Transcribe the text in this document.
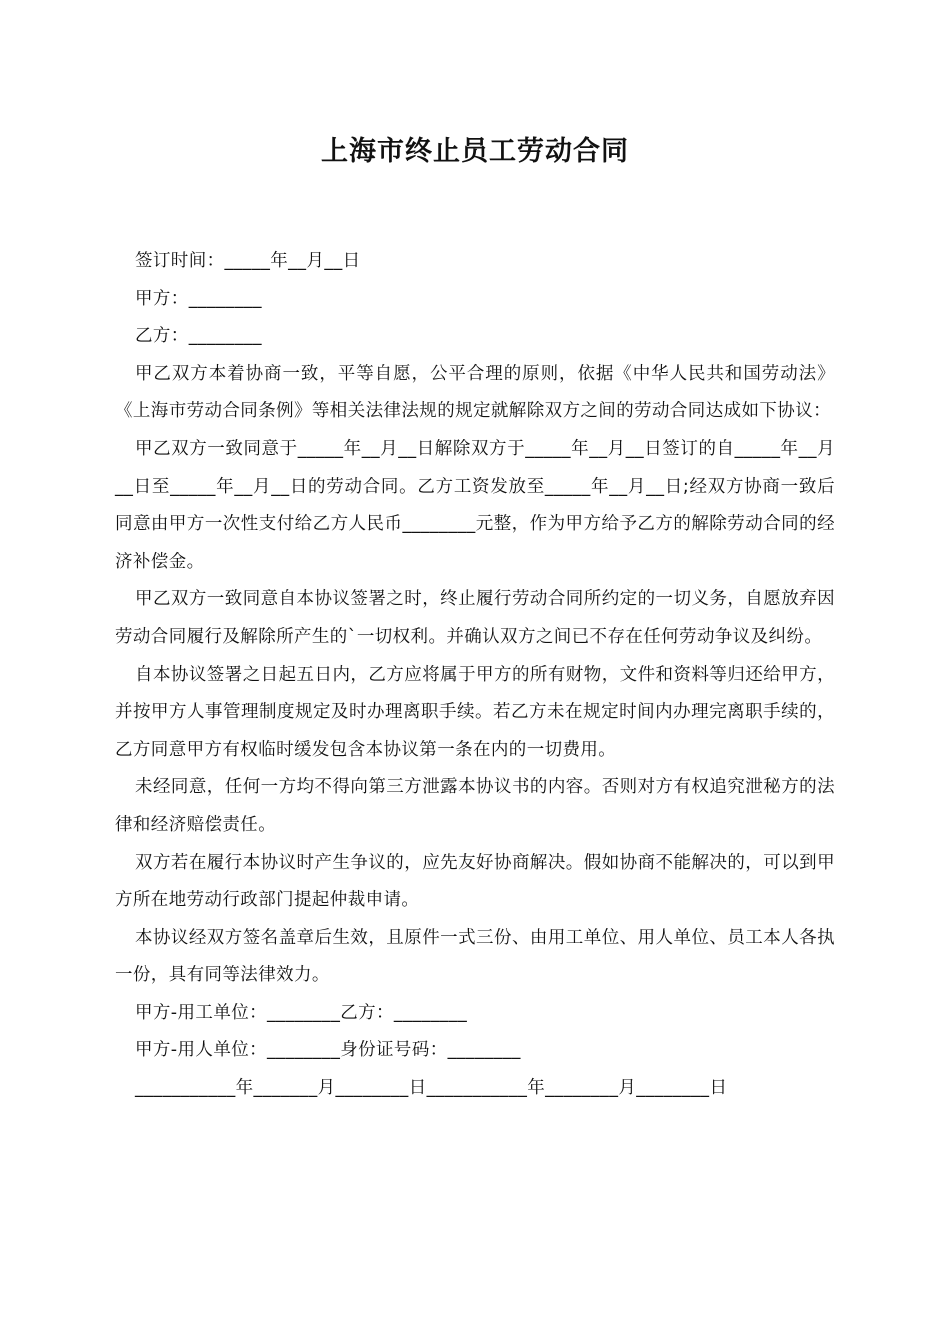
上海市终止员工劳动合同
签订时间：_____年__月__日
甲方：________
乙方：________

甲乙双方本着协商一致，平等自愿，公平合理的原则，依据《中华人民共和国劳动法》《上海市劳动合同条例》等相关法律法规的规定就解除双方之间的劳动合同达成如下协议：

甲乙双方一致同意于_____年__月__日解除双方于_____年__月__日签订的自_____年__月__日至_____年__月__日的劳动合同。乙方工资发放至_____年__月__日;经双方协商一致后同意由甲方一次性支付给乙方人民币________元整，作为甲方给予乙方的解除劳动合同的经济补偿金。

甲乙双方一致同意自本协议签署之时，终止履行劳动合同所约定的一切义务，自愿放弃因劳动合同履行及解除所产生的`一切权利。并确认双方之间已不存在任何劳动争议及纠纷。

自本协议签署之日起五日内，乙方应将属于甲方的所有财物，文件和资料等归还给甲方，并按甲方人事管理制度规定及时办理离职手续。若乙方未在规定时间内办理完离职手续的，乙方同意甲方有权临时缓发包含本协议第一条在内的一切费用。

未经同意，任何一方均不得向第三方泄露本协议书的内容。否则对方有权追究泄秘方的法律和经济赔偿责任。

双方若在履行本协议时产生争议的，应先友好协商解决。假如协商不能解决的，可以到甲方所在地劳动行政部门提起仲裁申请。

本协议经双方签名盖章后生效，且原件一式三份、由用工单位、用人单位、员工本人各执一份，具有同等法律效力。

甲方-用工单位：________乙方：________
甲方-用人单位：________身份证号码：________
___________年_______月________日___________年________月________日
